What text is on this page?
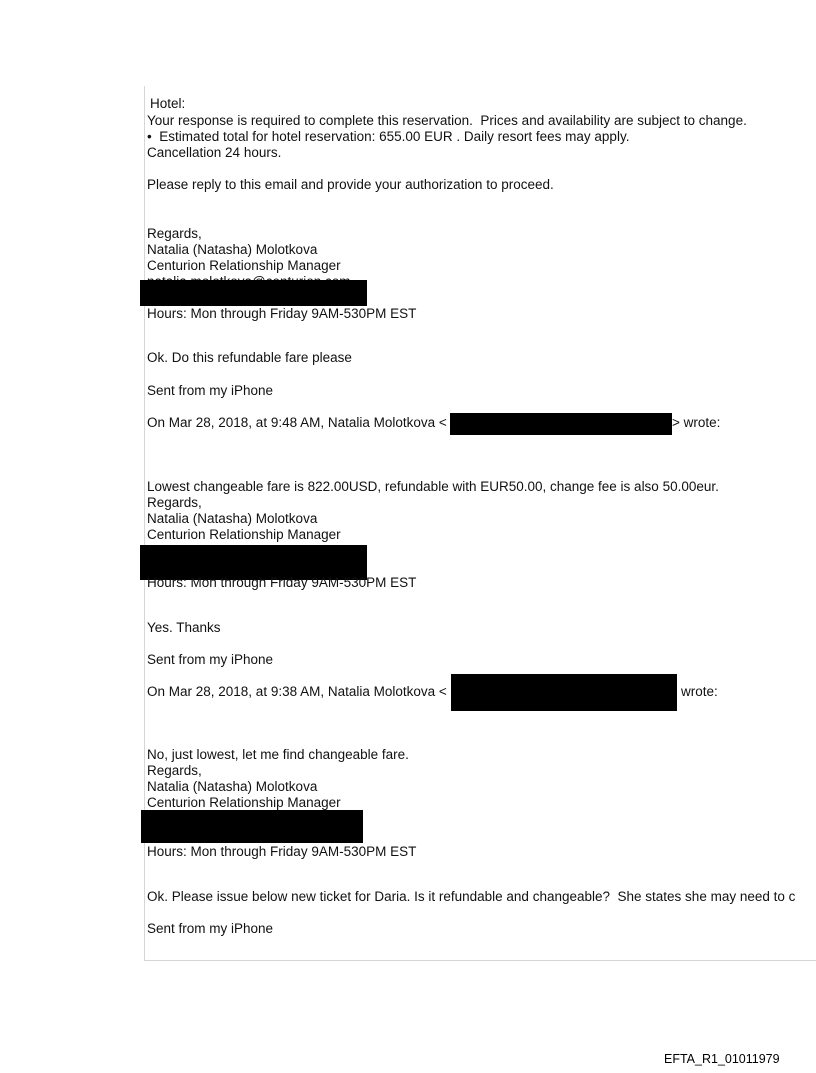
Hotel:
Your response is required to complete this reservation.  Prices and availability are subject to change.
•  Estimated total for hotel reservation: 655.00 EUR . Daily resort fees may apply.
Cancellation 24 hours.
Please reply to this email and provide your authorization to proceed.
Regards,
Natalia (Natasha) Molotkova
Centurion Relationship Manager
Hours: Mon through Friday 9AM-530PM EST
Ok. Do this refundable fare please
Sent from my iPhone
On Mar 28, 2018, at 9:48 AM, Natalia Molotkova <	> wrote:
Lowest changeable fare is 822.00USD, refundable with EUR50.00, change fee is also 50.00eur.
Regards,
Natalia (Natasha) Molotkova
Centurion Relationship Manager
Hours: Mon through Friday 9AM-530PM EST
Yes. Thanks
Sent from my iPhone
On Mar 28, 2018, at 9:38 AM, Natalia Molotkova <	wrote:
No, just lowest, let me find changeable fare.
Regards,
Natalia (Natasha) Molotkova
Centurion Relationship Manager
Hours: Mon through Friday 9AM-530PM EST
Ok. Please issue below new ticket for Daria. Is it refundable and changeable?  She states she may need to c
Sent from my iPhone
EFTA_R1_01011979
